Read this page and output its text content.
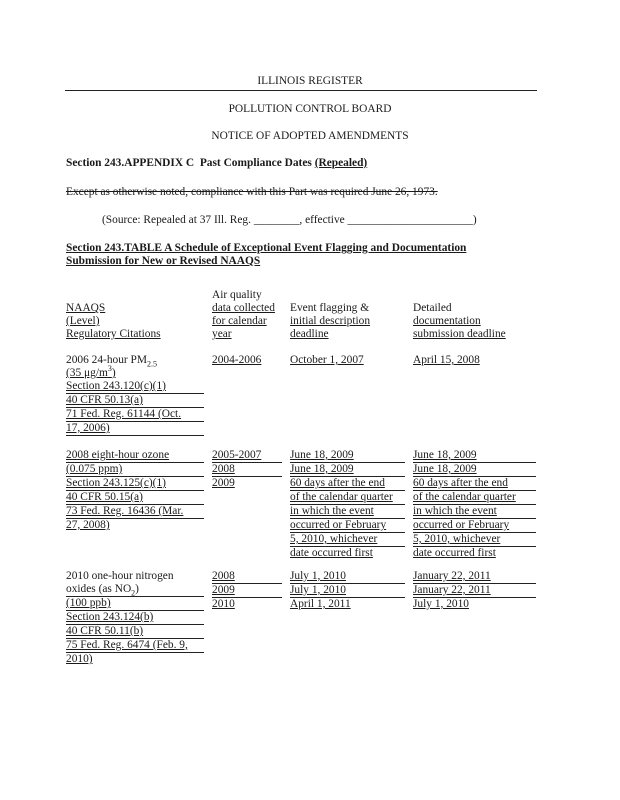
ILLINOIS REGISTER
POLLUTION CONTROL BOARD
NOTICE OF ADOPTED AMENDMENTS
Section 243.APPENDIX C Past Compliance Dates (Repealed)
Except as otherwise noted, compliance with this Part was required June 26, 1973.
(Source: Repealed at 37 Ill. Reg. ________, effective ______________________)
Section 243.TABLE A Schedule of Exceptional Event Flagging and Documentation
Submission for New or Revised NAAQS
NAAQS
(Level)
Regulatory Citations
Air quality
data collected
for calendar
year
Event flagging &
initial description
deadline
Detailed
documentation
submission deadline
2006 24-hour $PM_{2.5}$
(35 $\mu g/m^3$)
Section 243.120(c)(1)
40 CFR 50.13(a)
71 Fed. Reg. 61144 (Oct.
17, 2006)
2004-2006	October 1, 2007	April 15, 2008
2008 eight-hour ozone
(0.075 ppm)
Section 243.125(c)(1)
40 CFR 50.15(a)
73 Fed. Reg. 16436 (Mar.
27, 2008)
2005-2007
2008
2009
June 18, 2009
June 18, 2009
60 days after the end
of the calendar quarter
in which the event
occurred or February
5, 2010, whichever
date occurred first
June 18, 2009
June 18, 2009
60 days after the end
of the calendar quarter
in which the event
occurred or February
5, 2010, whichever
date occurred first
2010 one-hour nitrogen
oxides (as $NO_2$)
(100 ppb)
Section 243.124(b)
40 CFR 50.11(b)
75 Fed. Reg. 6474 (Feb. 9,
2010)
2008
2009
2010
July 1, 2010
July 1, 2010
April 1, 2011
January 22, 2011
January 22, 2011
July 1, 2010
